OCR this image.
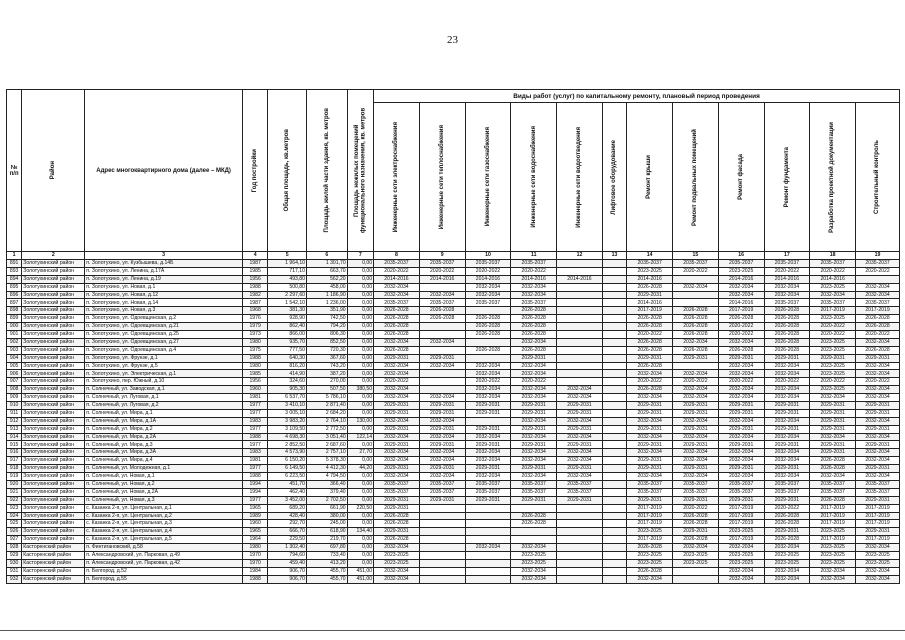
23
№ п/п	Район	Адрес многоквартирного дома (далее – МКД)	Год постройки	Общая площадь, кв.метров	Площадь жилой части здания, кв. метров	Площадь нежилых помещений функционального назначения, кв. метров	Виды работ (услуг) по капитальному ремонту, плановый период проведения											

							Инженерные сети электроснабжения	Инженерные сети теплоснабжения	Инженерные сети газоснабжения	Инженерные сети водоснабжения	Инженерные сети водоотведения	Лифтовое оборудование	Ремонт крыши	Ремонт подвальных помещений	Ремонт фасада	Ремонт фундамента	Разработка проектной документации	Строительный контроль

1	2	3	4	5	6	7	8	9	10	11	12	13	14	15	16	17	18	19
891	Золотухинский район	п. Золотухино, ул. Кузбышева, д.14Б	1987	1 964,10	1 301,70	0,00	2035-2037	2035-2037	2035-2037	2035-2037			2035-2037	2035-2037	2035-2037	2035-2037	2035-2037	2035-2037
893	Золотухинский район	п. Золотухино, ул. Ленина, д.17А	1985	717,10	663,70	0,00	2020-2022	2020-2022	2020-2022	2020-2022			2023-2025	2020-2022	2023-2025	2020-2022	2020-2022	2020-2022
894	Золотухинский район	п. Золотухино, ул. Ленина, д.19	1956	493,80	562,20	0,00	2014-2016	2014-2016	2014-2016	2014-2016	2014-2016		2014-2016		2014-2016	2014-2016	2014-2016	
895	Золотухинский район	п. Золотухино, ул. Новая, д.1	1988	500,80	458,00	0,00	2032-2034		2032-2034	2032-2034			2026-2028	2032-2034	2032-2034	2032-2034	2023-2025	2032-2034
896	Золотухинский район	п. Золотухино, ул. Новая, д.12	1982	2 297,60	1 186,90	0,00	2032-2034	2032-2034	2032-2034	2032-2034			2029-2031		2032-2034	2032-2034	2032-2034	2032-2034
897	Золотухинский район	п. Золотухино, ул. Новая, д.14	1987	1 542,10	1 236,00	0,00	2035-2037	2035-2037	2035-2037	2035-2037			2014-2016		2014-2016	2035-2037	2035-2037	2035-2037
898	Золотухинский район	п. Золотухино, ул. Новая, д.3	1968	381,30	351,90	0,00	2026-2028	2026-2028		2026-2028			2017-2019	2026-2028	2017-2019	2026-2028	2017-2019	2017-2019
899	Золотухинский район	п. Золотухино, ул. Одоевщинская, д.2	1976	928,90	742,50	0,00	2026-2028	2026-2028	2026-2028	2026-2028			2026-2028	2026-2028	2026-2028	2026-2028	2023-2025	2026-2028
900	Золотухинский район	п. Золотухино, ул. Одоевщинская, д.21	1979	862,40	794,20	0,00	2026-2028		2026-2028	2026-2028			2026-2028	2026-2028	2020-2022	2026-2028	2020-2022	2026-2028
901	Золотухинский район	п. Золотухино, ул. Одоевщинская, д.25	1973	866,00	806,30	0,00	2026-2028		2026-2028	2026-2028			2020-2022	2026-2028	2020-2022	2026-2028	2020-2022	2020-2022
902	Золотухинский район	п. Золотухино, ул. Одоевщинская, д.27	1980	935,70	852,50	0,00	2032-2034	2032-2034		2032-2034			2026-2028	2032-2034	2032-2034	2026-2028	2023-2025	2032-2034
903	Золотухинский район	п. Золотухино, ул. Одоевщинская, д.4	1975	777,50	720,30	0,00	2026-2028		2026-2028	2026-2028			2026-2028	2026-2028	2026-2028	2026-2028	2023-2025	2026-2028
904	Золотухинский район	п. Золотухино, ул. Фрунзе, д.1	1988	640,30	367,60	0,00	2029-2031	2029-2031		2029-2031			2029-2031	2029-2031	2029-2031	2029-2031	2029-2031	2029-2031
905	Золотухинский район	п. Золотухино, ул. Фрунзе, д.5	1980	816,20	743,20	0,00	2032-2034	2032-2034	2032-2034	2032-2034			2026-2028		2032-2034	2032-2034	2023-2025	2032-2034
906	Золотухинский район	п. Золотухино, ул. Электрическая, д.1	1985	414,90	387,20	0,00	2032-2034		2032-2034	2032-2034			2032-2034	2032-2034	2032-2034	2032-2034	2023-2025	2032-2034
907	Золотухинский район	п. Золотухино, пер. Южный, д.10	1956	324,60	270,00	0,00	2020-2022		2020-2022	2020-2022			2020-2022	2020-2022	2020-2022	2020-2022	2020-2022	2020-2022
908	Золотухинский район	п. Солнечный, ул. Заводская, д.1	1960	905,30	507,50	380,50	2032-2034		2032-2034	2032-2034	2032-2034		2026-2028	2032-2034	2032-2034	2032-2034	2023-2025	2032-2034
909	Золотухинский район	п. Солнечный, ул. Луговая, д.1	1981	6 537,70	5 786,10	0,00	2032-2034	2032-2034	2032-2034	2032-2034	2032-2034		2032-2034	2032-2034	2032-2034	2032-2034	2032-2034	2032-2034
910	Золотухинский район	п. Солнечный, ул. Луговая, д.2	1977	3 410,10	2 871,40	0,00	2029-2031	2029-2031	2029-2031	2029-2031	2029-2031		2029-2031	2029-2031	2029-2031	2029-2031	2029-2031	2029-2031
911	Золотухинский район	п. Солнечный, ул. Мира, д.1	1977	3 005,10	2 684,20	0,00	2029-2031	2029-2031	2029-2031	2029-2031	2029-2031		2029-2031	2029-2031	2029-2031	2029-2031	2029-2031	2029-2031
912	Золотухинский район	п. Солнечный, ул. Мира, д.1А	1983	3 983,20	2 764,10	130,00	2032-2034	2032-2034		2032-2034	2032-2034		2032-2034	2032-2034	2032-2034	2032-2034	2029-2031	2032-2034
913	Золотухинский район	п. Солнечный, ул. Мира, д.2	1977	3 109,50	2 772,50	0,00	2029-2031	2029-2031	2029-2031	2029-2031	2029-2031		2029-2031	2029-2031	2029-2031	2029-2031	2029-2031	2029-2031
914	Золотухинский район	п. Солнечный, ул. Мира, д.2А	1988	4 698,30	3 051,40	122,14	2032-2034	2032-2034	2032-2034	2032-2034	2032-2034		2032-2034	2032-2034	2032-2034	2032-2034	2032-2034	2032-2034
915	Золотухинский район	п. Солнечный, ул. Мира, д.3	1977	2 852,50	2 687,60	0,00	2029-2031	2029-2031	2029-2031	2029-2031	2029-2031		2029-2031	2029-2031	2029-2031	2029-2031	2029-2031	2029-2031
916	Золотухинский район	п. Солнечный, ул. Мира, д.3А	1983	4 573,90	2 757,10	27,70	2032-2034	2032-2034	2032-2034	2032-2034	2032-2034		2032-2034	2032-2034	2032-2034	2032-2034	2029-2031	2032-2034
917	Золотухинский район	п. Солнечный, ул. Мира, д.4	1981	6 150,20	5 378,30	0,00	2032-2034	2032-2034	2032-2034	2032-2034	2032-2034		2029-2031	2032-2034	2032-2034	2032-2034	2026-2028	2032-2034
918	Золотухинский район	п. Солнечный, ул. Молодежная, д.1	1977	6 149,50	4 412,30	44,20	2029-2031	2029-2031	2029-2031	2029-2031	2029-2031		2029-2031	2029-2031	2029-2031	2029-2031	2026-2028	2029-2031
919	Золотухинский район	п. Солнечный, ул. Новая, д.1	1988	6 223,50	4 794,50	0,00	2032-2034	2032-2034	2032-2034	2032-2034	2032-2034		2032-2034	2032-2034	2032-2034	2032-2034	2032-2034	2032-2034
920	Золотухинский район	п. Солнечный, ул. Новая, д.2	1994	451,70	366,40	0,00	2035-2037	2035-2037	2035-2037	2035-2037	2035-2037		2035-2037	2035-2037	2035-2037	2035-2037	2035-2037	2035-2037
921	Золотухинский район	п. Солнечный, ул. Новая, д.2А	1994	462,40	379,40	0,00	2035-2037	2035-2037	2035-2037	2035-2037	2035-2037		2035-2037	2035-2037	2035-2037	2035-2037	2035-2037	2035-2037
922	Золотухинский район	п. Солнечный, ул. Новая, д.3	1977	3 452,00	2 702,50	0,00	2029-2031	2029-2031	2029-2031	2029-2031	2029-2031		2029-2031	2029-2031	2029-2031	2029-2031	2026-2028	2029-2031
923	Золотухинский район	с. Казанка 2-я, ул. Центральная, д.1	1965	689,20	661,90	220,50	2029-2031						2017-2019	2020-2022	2017-2019	2020-2022	2017-2019	2017-2019
924	Золотухинский район	с. Казанка 2-я, ул. Центральная, д.2	1989	428,40	380,00	0,00	2026-2028			2026-2028			2017-2019	2026-2028	2017-2019	2026-2028	2017-2019	2017-2019
925	Золотухинский район	с. Казанка 2-я, ул. Центральная, д.3	1960	292,70	245,00	0,00	2026-2028			2026-2028			2017-2019	2026-2028	2017-2019	2026-2028	2017-2019	2017-2019
926	Золотухинский район	с. Казанка 2-я, ул. Центральная, д.4	1965	666,70	618,90	134,40	2029-2031						2023-2025	2029-2031	2023-2025	2029-2031	2023-2025	2029-2031
927	Золотухинский район	с. Казанка 2-я, ул. Центральная, д.5	1964	229,50	219,70	0,00	2026-2028						2017-2019	2026-2028	2017-2019	2026-2028	2017-2019	2017-2019
928	Касторенский район	п. Финтигановский, д.58	1980	1 302,40	697,80	0,00	2032-2034		2032-2034	2032-2034			2026-2028	2032-2034	2032-2034	2032-2034	2023-2025	2032-2034
929	Касторенский район	п. Александровский, ул. Парковая, д.49	1970	794,60	733,40	0,00	2023-2025			2023-2025			2023-2025	2023-2025	2023-2025	2023-2025	2023-2025	2023-2025
930	Касторенский район	п. Александровский, ул. Парковая, д.42	1970	459,40	413,20	0,00	2023-2025			2023-2025			2023-2025	2023-2025	2023-2025	2023-2025	2023-2025	2023-2025
931	Касторенский район	п. Белгород, д.52	1984	906,70	455,70	451,00	2032-2034			2032-2034			2026-2028		2032-2034	2032-2034	2032-2034	2032-2034
932	Касторенский район	п. Белгород, д.55	1988	906,70	455,70	451,00	2032-2034			2032-2034			2032-2034		2032-2034	2032-2034	2032-2034	2032-2034
